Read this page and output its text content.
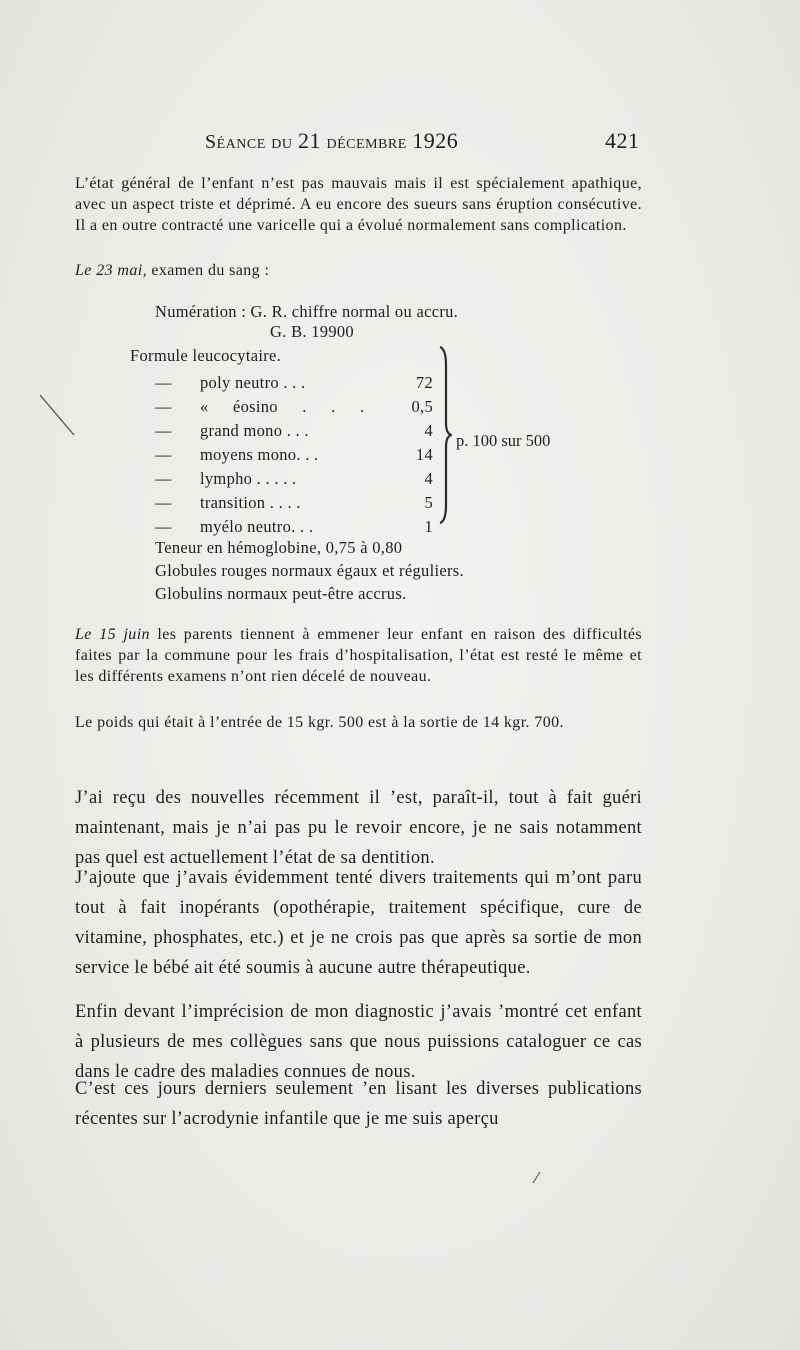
Séance du 21 décembre 1926	421

L’état général de l’enfant n’est pas mauvais mais il est spécialement apathique, avec un aspect triste et déprimé. A eu encore des sueurs sans éruption consécutive. Il a en outre contracté une varicelle qui a évolué normalement sans complication.

Le 23 mai, examen du sang :
Numération : G. R. chiffre normal ou accru.
G. B. 19900
Formule leucocytaire.
— poly neutro . . .	72
— « éosino . . .	0,5
— grand mono . . .	4
— moyens mono. . .	14
— lympho . . . . .	4
— transition . . . .	5
— myélo neutro. . .	1
p. 100 sur 500
Teneur en hémoglobine, 0,75 à 0,80
Globules rouges normaux égaux et réguliers.
Globulins normaux peut-être accrus.

Le 15 juin les parents tiennent à emmener leur enfant en raison des difficultés faites par la commune pour les frais d’hospitalisation, l’état est resté le même et les différents examens n’ont rien décelé de nouveau.

Le poids qui était à l’entrée de 15 kgr. 500 est à la sortie de 14 kgr. 700.

J’ai reçu des nouvelles récemment il ’est, paraît-il, tout à fait guéri maintenant, mais je n’ai pas pu le revoir encore, je ne sais notamment pas quel est actuellement l’état de sa dentition.

J’ajoute que j’avais évidemment tenté divers traitements qui m’ont paru tout à fait inopérants (opothérapie, traitement spécifique, cure de vitamine, phosphates, etc.) et je ne crois pas que après sa sortie de mon service le bébé ait été soumis à aucune autre thérapeutique.

Enfin devant l’imprécision de mon diagnostic j’avais ’montré cet enfant à plusieurs de mes collègues sans que nous puissions cataloguer ce cas dans le cadre des maladies connues de nous.

C’est ces jours derniers seulement ’en lisant les diverses publications récentes sur l’acrodynie infantile que je me suis aperçu
